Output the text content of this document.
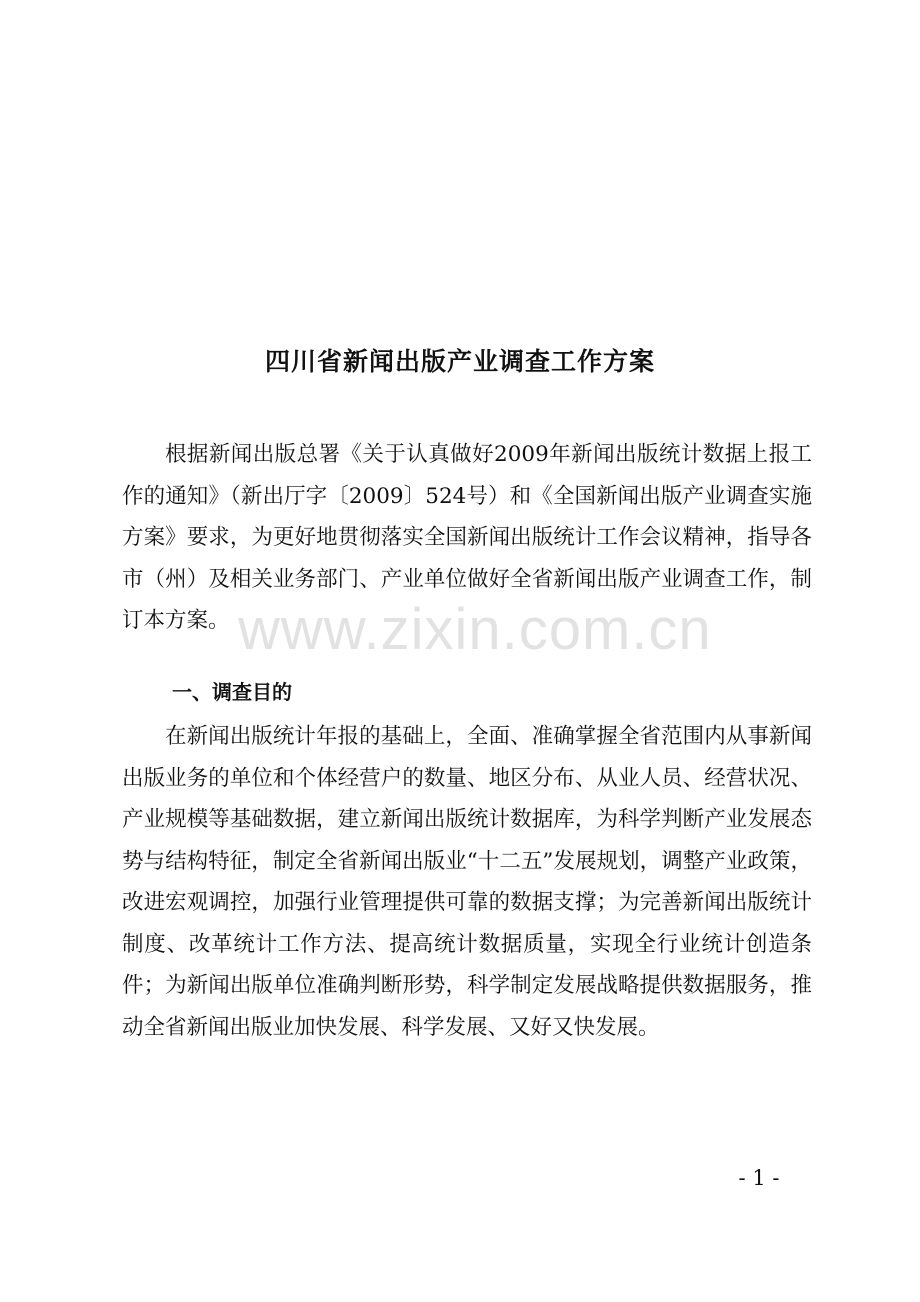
www.zixin.com.cn
四川省新闻出版产业调查工作方案

根据新闻出版总署《关于认真做好2009年新闻出版统计数据上报工作的通知》（新出厅字〔2009〕524号）和《全国新闻出版产业调查实施方案》要求，为更好地贯彻落实全国新闻出版统计工作会议精神，指导各市（州）及相关业务部门、产业单位做好全省新闻出版产业调查工作，制订本方案。

一、调查目的

在新闻出版统计年报的基础上，全面、准确掌握全省范围内从事新闻出版业务的单位和个体经营户的数量、地区分布、从业人员、经营状况、产业规模等基础数据，建立新闻出版统计数据库，为科学判断产业发展态势与结构特征，制定全省新闻出版业“十二五”发展规划，调整产业政策，改进宏观调控，加强行业管理提供可靠的数据支撑；为完善新闻出版统计制度、改革统计工作方法、提高统计数据质量，实现全行业统计创造条件；为新闻出版单位准确判断形势，科学制定发展战略提供数据服务，推动全省新闻出版业加快发展、科学发展、又好又快发展。

- 1 -
